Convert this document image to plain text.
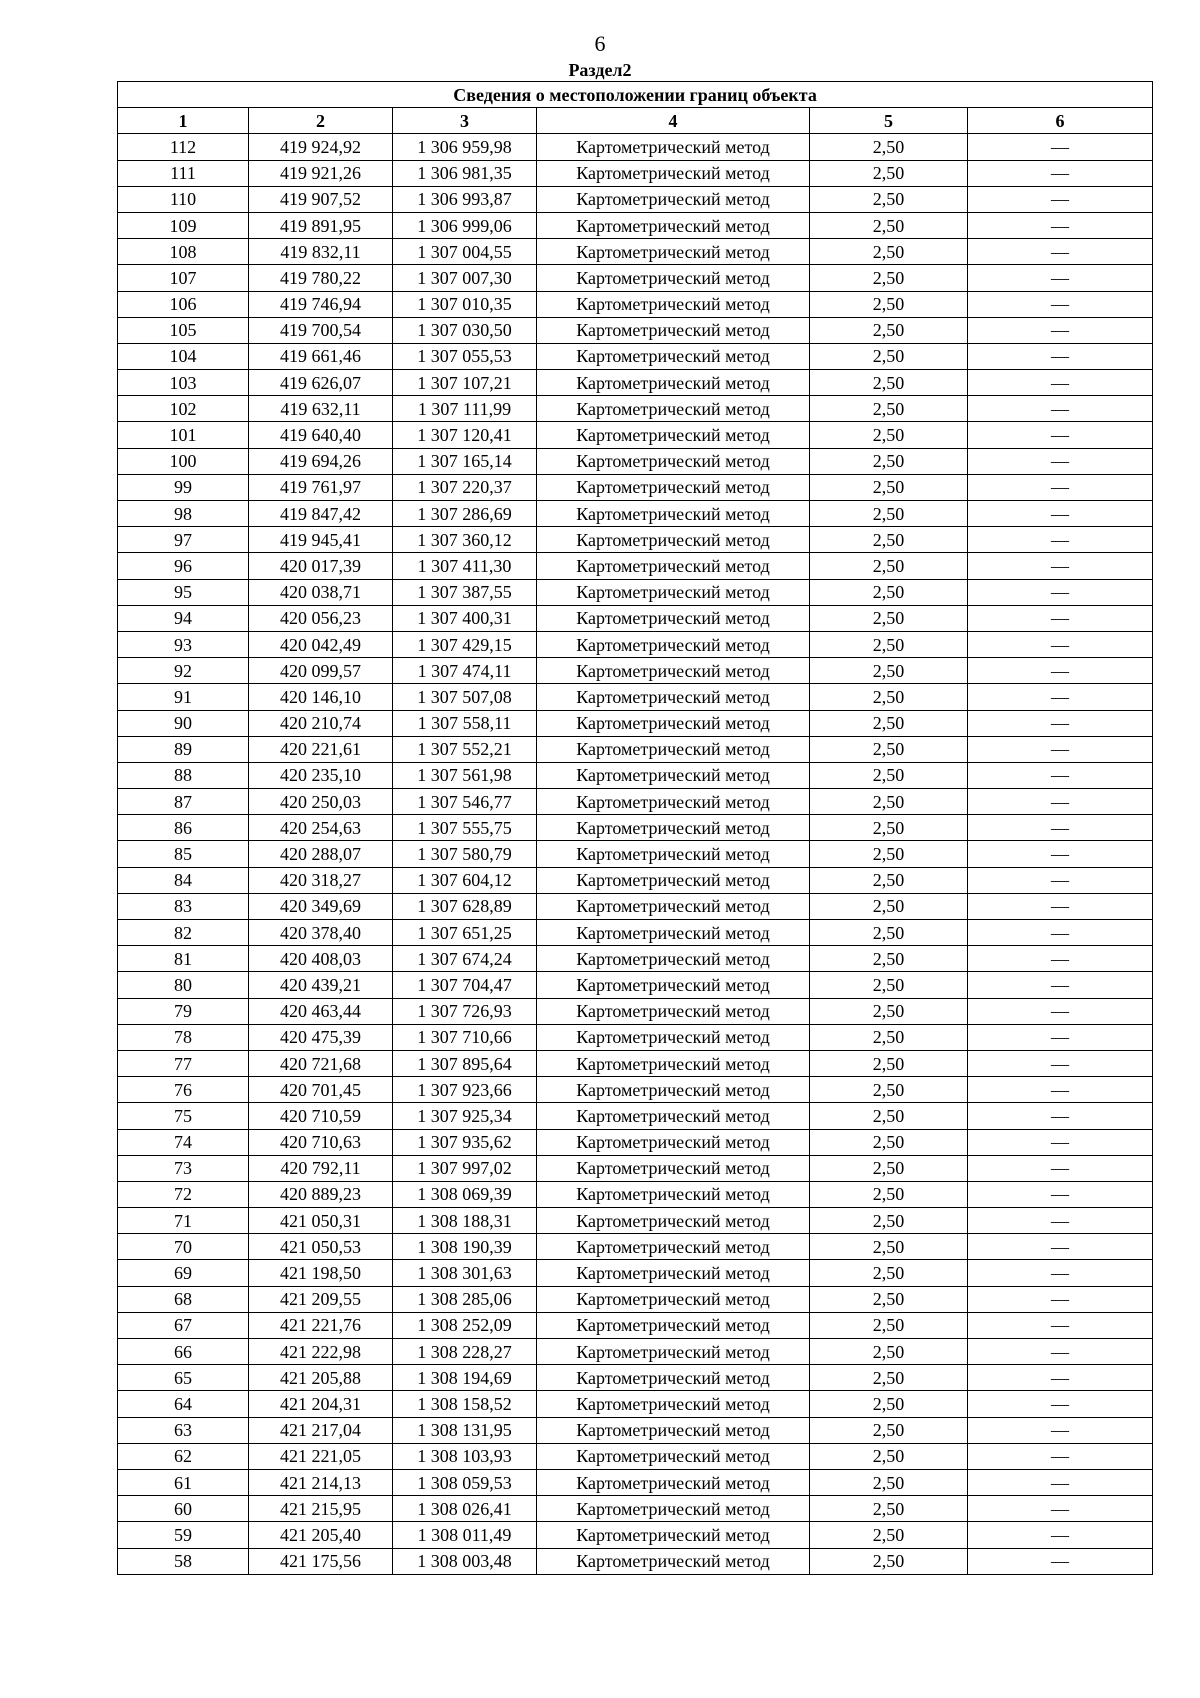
6
Раздел2
Сведения о местоположении границ объекта					
1	2	3	4	5	6
112	419 924,92	1 306 959,98	Картометрический метод	2,50	—
111	419 921,26	1 306 981,35	Картометрический метод	2,50	—
110	419 907,52	1 306 993,87	Картометрический метод	2,50	—
109	419 891,95	1 306 999,06	Картометрический метод	2,50	—
108	419 832,11	1 307 004,55	Картометрический метод	2,50	—
107	419 780,22	1 307 007,30	Картометрический метод	2,50	—
106	419 746,94	1 307 010,35	Картометрический метод	2,50	—
105	419 700,54	1 307 030,50	Картометрический метод	2,50	—
104	419 661,46	1 307 055,53	Картометрический метод	2,50	—
103	419 626,07	1 307 107,21	Картометрический метод	2,50	—
102	419 632,11	1 307 111,99	Картометрический метод	2,50	—
101	419 640,40	1 307 120,41	Картометрический метод	2,50	—
100	419 694,26	1 307 165,14	Картометрический метод	2,50	—
99	419 761,97	1 307 220,37	Картометрический метод	2,50	—
98	419 847,42	1 307 286,69	Картометрический метод	2,50	—
97	419 945,41	1 307 360,12	Картометрический метод	2,50	—
96	420 017,39	1 307 411,30	Картометрический метод	2,50	—
95	420 038,71	1 307 387,55	Картометрический метод	2,50	—
94	420 056,23	1 307 400,31	Картометрический метод	2,50	—
93	420 042,49	1 307 429,15	Картометрический метод	2,50	—
92	420 099,57	1 307 474,11	Картометрический метод	2,50	—
91	420 146,10	1 307 507,08	Картометрический метод	2,50	—
90	420 210,74	1 307 558,11	Картометрический метод	2,50	—
89	420 221,61	1 307 552,21	Картометрический метод	2,50	—
88	420 235,10	1 307 561,98	Картометрический метод	2,50	—
87	420 250,03	1 307 546,77	Картометрический метод	2,50	—
86	420 254,63	1 307 555,75	Картометрический метод	2,50	—
85	420 288,07	1 307 580,79	Картометрический метод	2,50	—
84	420 318,27	1 307 604,12	Картометрический метод	2,50	—
83	420 349,69	1 307 628,89	Картометрический метод	2,50	—
82	420 378,40	1 307 651,25	Картометрический метод	2,50	—
81	420 408,03	1 307 674,24	Картометрический метод	2,50	—
80	420 439,21	1 307 704,47	Картометрический метод	2,50	—
79	420 463,44	1 307 726,93	Картометрический метод	2,50	—
78	420 475,39	1 307 710,66	Картометрический метод	2,50	—
77	420 721,68	1 307 895,64	Картометрический метод	2,50	—
76	420 701,45	1 307 923,66	Картометрический метод	2,50	—
75	420 710,59	1 307 925,34	Картометрический метод	2,50	—
74	420 710,63	1 307 935,62	Картометрический метод	2,50	—
73	420 792,11	1 307 997,02	Картометрический метод	2,50	—
72	420 889,23	1 308 069,39	Картометрический метод	2,50	—
71	421 050,31	1 308 188,31	Картометрический метод	2,50	—
70	421 050,53	1 308 190,39	Картометрический метод	2,50	—
69	421 198,50	1 308 301,63	Картометрический метод	2,50	—
68	421 209,55	1 308 285,06	Картометрический метод	2,50	—
67	421 221,76	1 308 252,09	Картометрический метод	2,50	—
66	421 222,98	1 308 228,27	Картометрический метод	2,50	—
65	421 205,88	1 308 194,69	Картометрический метод	2,50	—
64	421 204,31	1 308 158,52	Картометрический метод	2,50	—
63	421 217,04	1 308 131,95	Картометрический метод	2,50	—
62	421 221,05	1 308 103,93	Картометрический метод	2,50	—
61	421 214,13	1 308 059,53	Картометрический метод	2,50	—
60	421 215,95	1 308 026,41	Картометрический метод	2,50	—
59	421 205,40	1 308 011,49	Картометрический метод	2,50	—
58	421 175,56	1 308 003,48	Картометрический метод	2,50	—
